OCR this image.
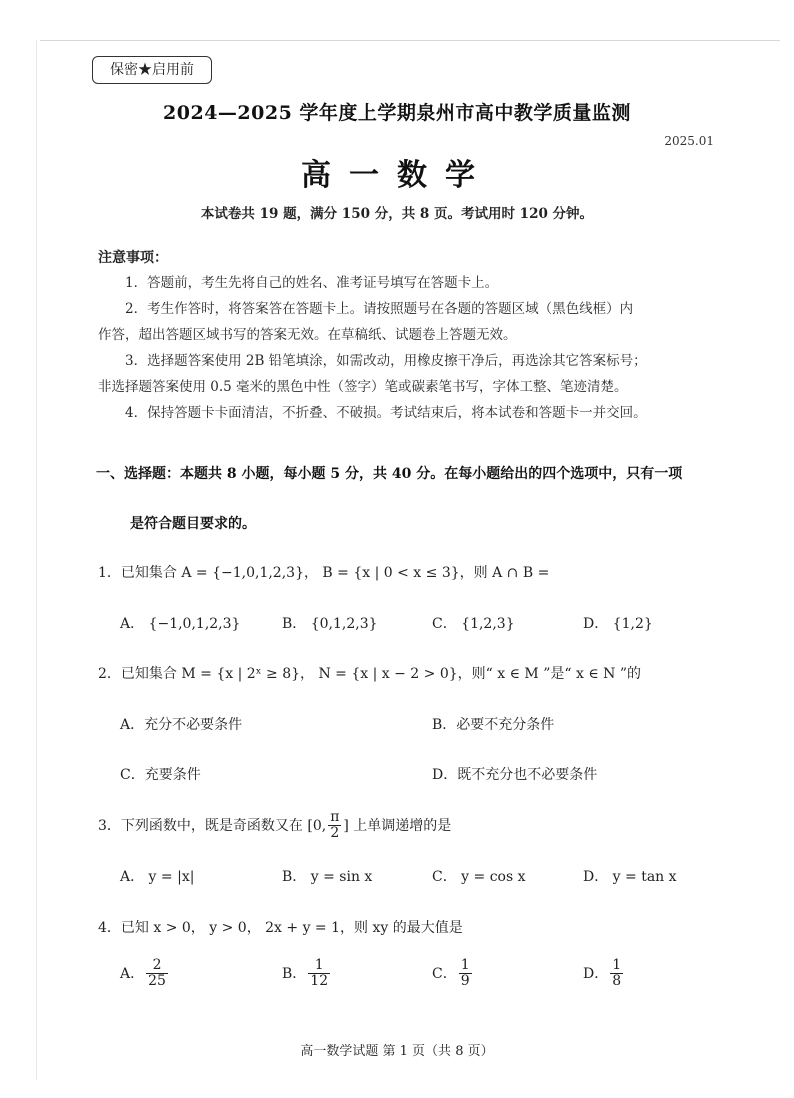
保密★启用前
2024—2025 学年度上学期泉州市高中教学质量监测
2025.01
高一数学
本试卷共 19 题，满分 150 分，共 8 页。考试用时 120 分钟。
注意事项：

1．答题前，考生先将自己的姓名、准考证号填写在答题卡上。

2．考生作答时，将答案答在答题卡上。请按照题号在各题的答题区域（黑色线框）内

作答，超出答题区域书写的答案无效。在草稿纸、试题卷上答题无效。

3．选择题答案使用 2B 铅笔填涂，如需改动，用橡皮擦干净后，再选涂其它答案标号；

非选择题答案使用 0.5 毫米的黑色中性（签字）笔或碳素笔书写，字体工整、笔迹清楚。

4．保持答题卡卡面清洁，不折叠、不破损。考试结束后，将本试卷和答题卡一并交回。

一、选择题：本题共 8 小题，每小题 5 分，共 40 分。在每小题给出的四个选项中，只有一项
是符合题目要求的。
1．已知集合 A = {−1,0,1,2,3}， B = {x | 0 < x ≤ 3}，则 A ∩ B =
A． {−1,0,1,2,3}	B． {0,1,2,3}	C． {1,2,3}	D． {1,2}
2．已知集合 M = {x | 2ˣ ≥ 8}， N = {x | x − 2 > 0}，则“ x ∈ M ”是“ x ∈ N ”的
A．充分不必要条件	B．必要不充分条件
C．充要条件	D．既不充分也不必要条件
3．下列函数中，既是奇函数又在 [0, $\frac{\pi}{2}$ ] 上单调递增的是
A． y = |x|	B． y = sin x	C． y = cos x	D． y = tan x
4．已知 x > 0， y > 0， 2x + y = 1，则 xy 的最大值是
A． $\frac{2}{25}$	B． $\frac{1}{12}$	C． $\frac{1}{9}$	D． $\frac{1}{8}$
高一数学试题 第 1 页（共 8 页）
